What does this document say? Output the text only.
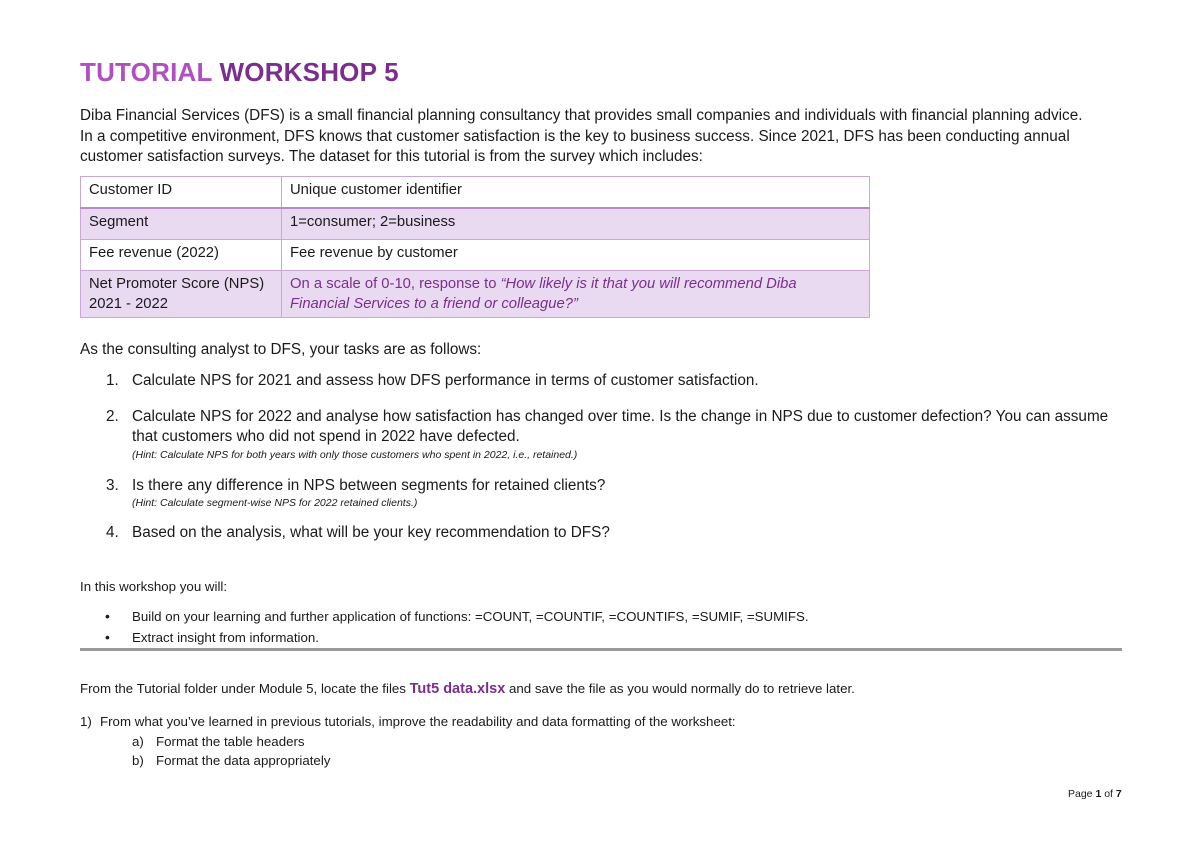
TUTORIAL WORKSHOP 5

Diba Financial Services (DFS) is a small financial planning consultancy that provides small companies and individuals with financial planning advice.
In a competitive environment, DFS knows that customer satisfaction is the key to business success. Since 2021, DFS has been conducting annual
customer satisfaction surveys. The dataset for this tutorial is from the survey which includes:

Customer ID	Unique customer identifier
Segment	1=consumer; 2=business
Fee revenue (2022)	Fee revenue by customer
Net Promoter Score (NPS)
2021 - 2022	On a scale of 0-10, response to “How likely is it that you will recommend Diba
Financial Services to a friend or colleague?”

As the consulting analyst to DFS, your tasks are as follows:

1. Calculate NPS for 2021 and assess how DFS performance in terms of customer satisfaction.
2. Calculate NPS for 2022 and analyse how satisfaction has changed over time. Is the change in NPS due to customer defection? You can assume that customers who did not spend in 2022 have defected.
(Hint: Calculate NPS for both years with only those customers who spent in 2022, i.e., retained.)
3. Is there any difference in NPS between segments for retained clients?
(Hint: Calculate segment-wise NPS for 2022 retained clients.)
4. Based on the analysis, what will be your key recommendation to DFS?

In this workshop you will:

• Build on your learning and further application of functions: =COUNT, =COUNTIF, =COUNTIFS, =SUMIF, =SUMIFS.
• Extract insight from information.

From the Tutorial folder under Module 5, locate the files Tut5 data.xlsx and save the file as you would normally do to retrieve later.

1) From what you’ve learned in previous tutorials, improve the readability and data formatting of the worksheet:
a) Format the table headers
b) Format the data appropriately

Page 1 of 7
